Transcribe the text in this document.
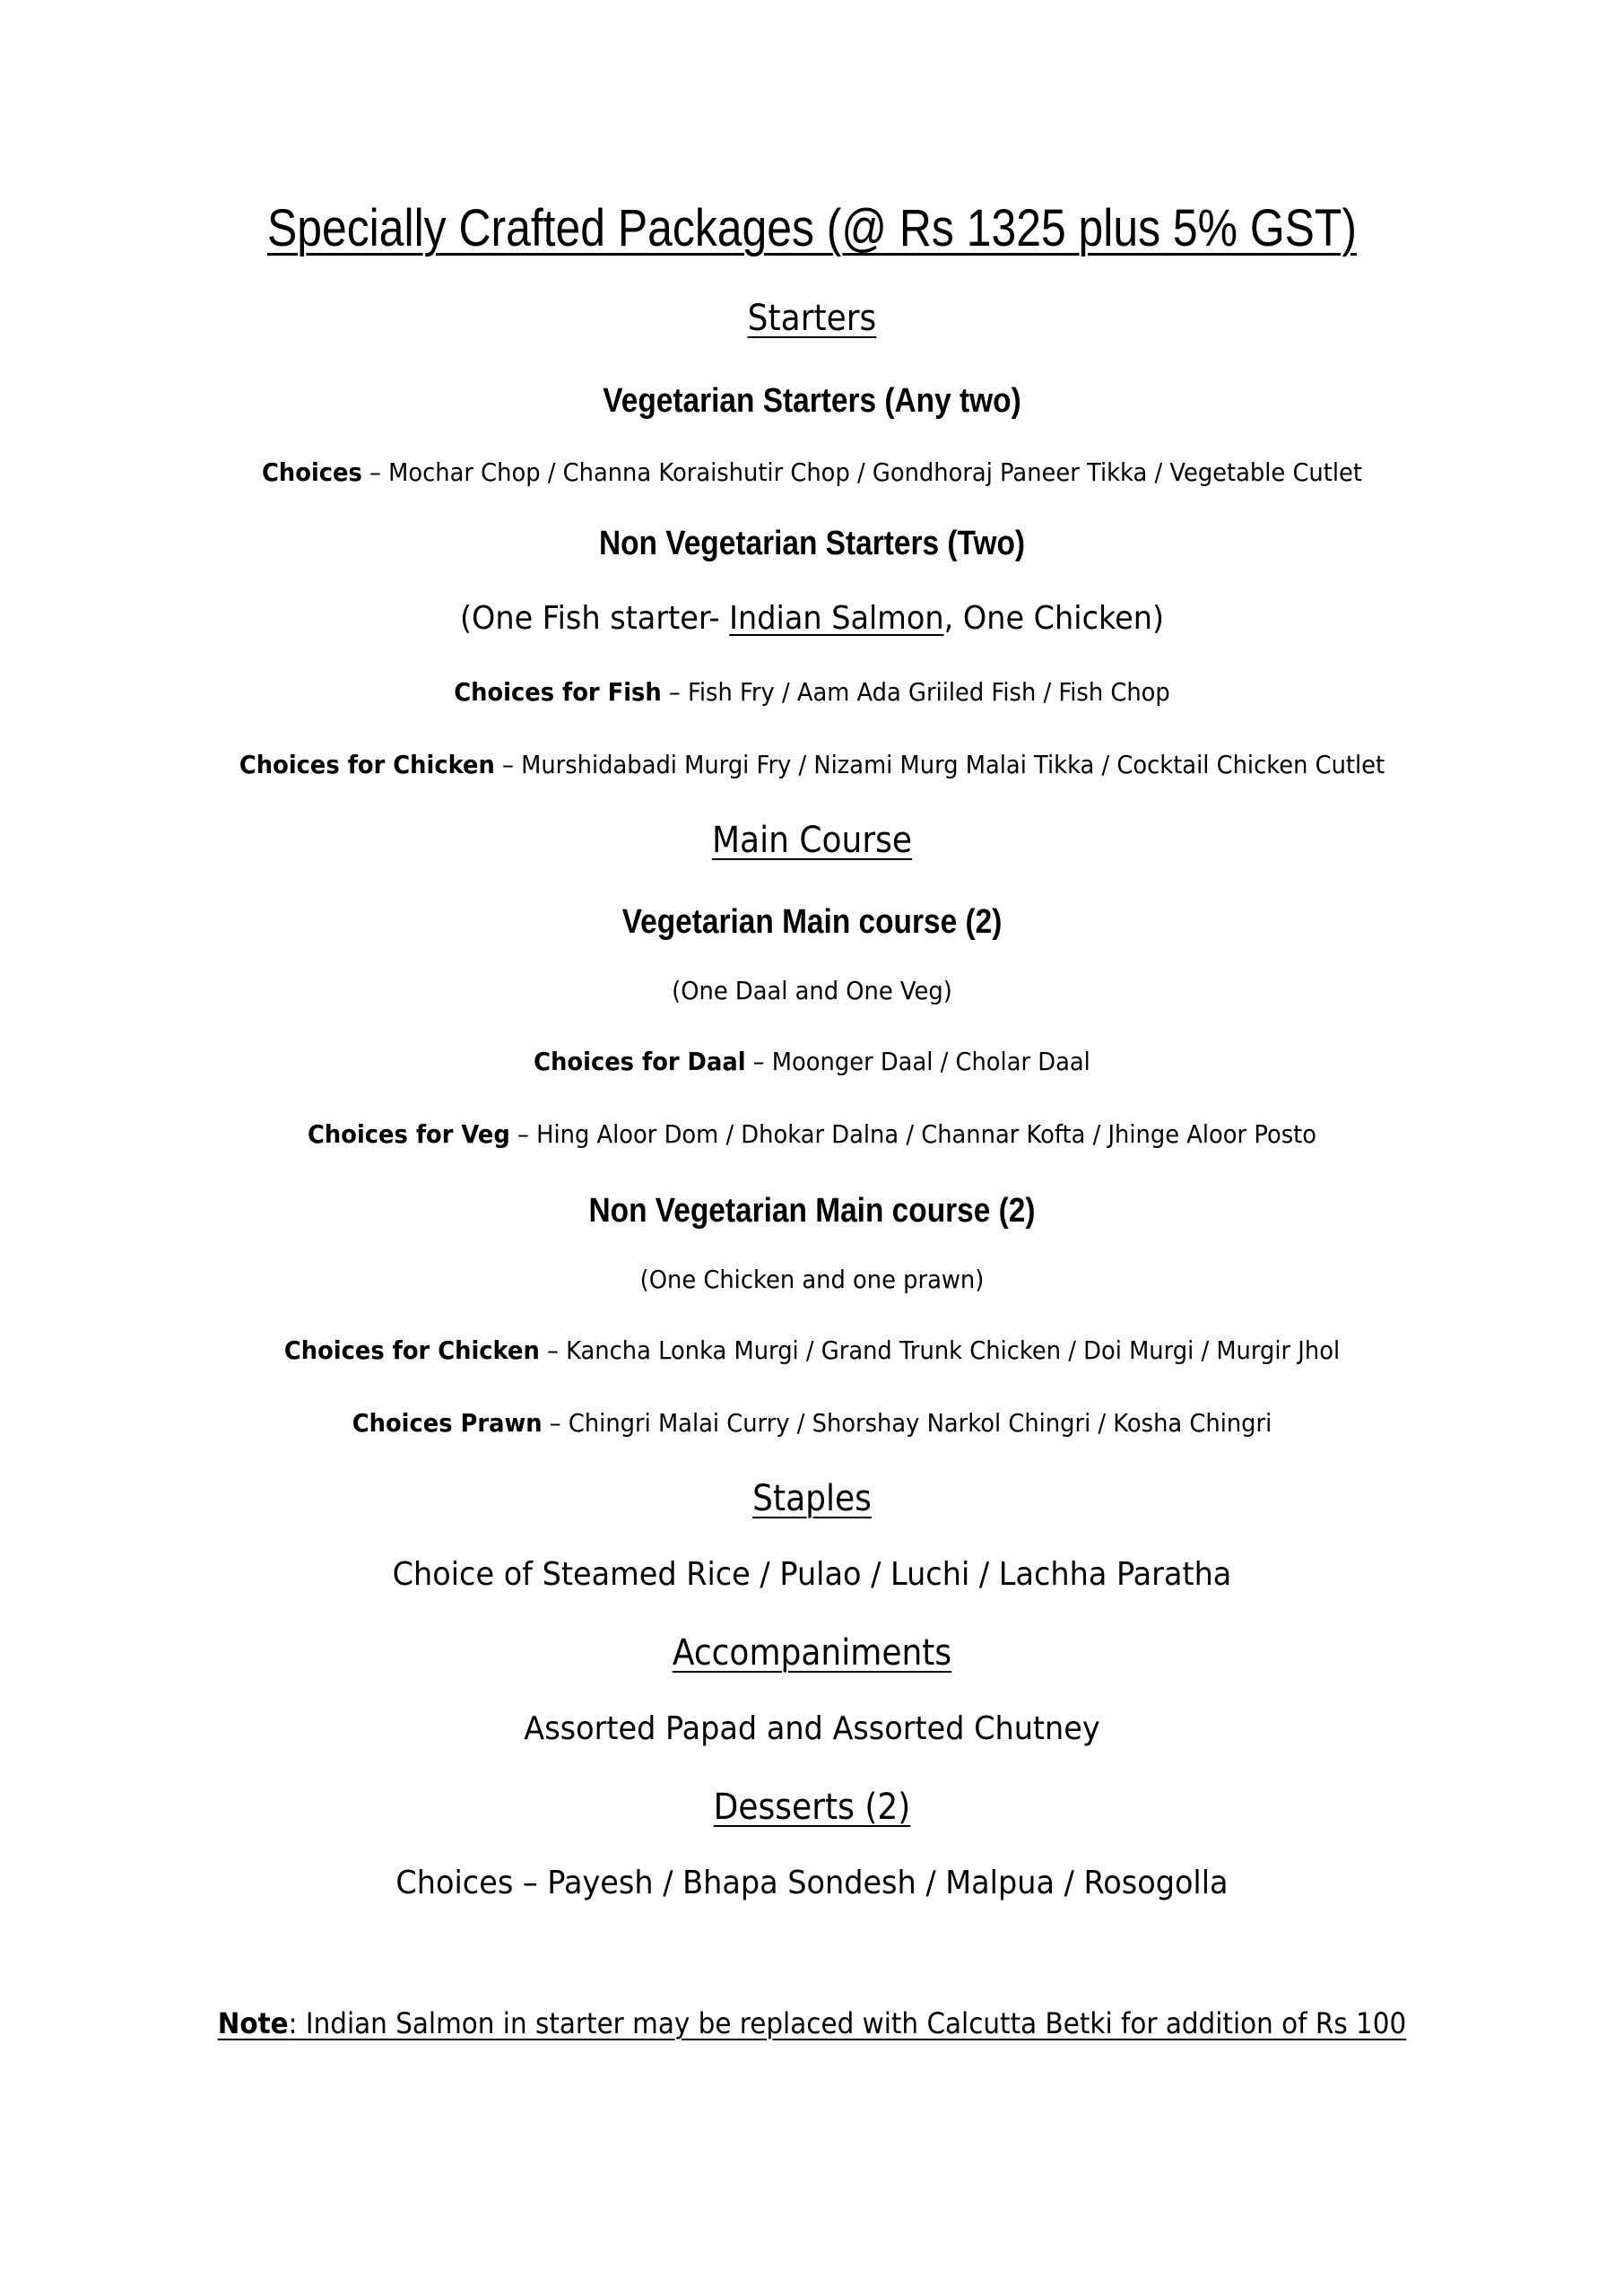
Specially Crafted Packages (@ Rs 1325 plus 5% GST)
Starters
Vegetarian Starters (Any two)
Choices – Mochar Chop / Channa Koraishutir Chop / Gondhoraj Paneer Tikka / Vegetable Cutlet
Non Vegetarian Starters (Two)
(One Fish starter- Indian Salmon, One Chicken)
Choices for Fish – Fish Fry / Aam Ada Griiled Fish / Fish Chop
Choices for Chicken – Murshidabadi Murgi Fry / Nizami Murg Malai Tikka / Cocktail Chicken Cutlet
Main Course
Vegetarian Main course (2)
(One Daal and One Veg)
Choices for Daal – Moonger Daal / Cholar Daal
Choices for Veg – Hing Aloor Dom / Dhokar Dalna / Channar Kofta / Jhinge Aloor Posto
Non Vegetarian Main course (2)
(One Chicken and one prawn)
Choices for Chicken – Kancha Lonka Murgi / Grand Trunk Chicken / Doi Murgi / Murgir Jhol
Choices Prawn – Chingri Malai Curry / Shorshay Narkol Chingri / Kosha Chingri
Staples
Choice of Steamed Rice / Pulao / Luchi / Lachha Paratha
Accompaniments
Assorted Papad and Assorted Chutney
Desserts (2)
Choices – Payesh / Bhapa Sondesh / Malpua / Rosogolla
Note: Indian Salmon in starter may be replaced with Calcutta Betki for addition of Rs 100
